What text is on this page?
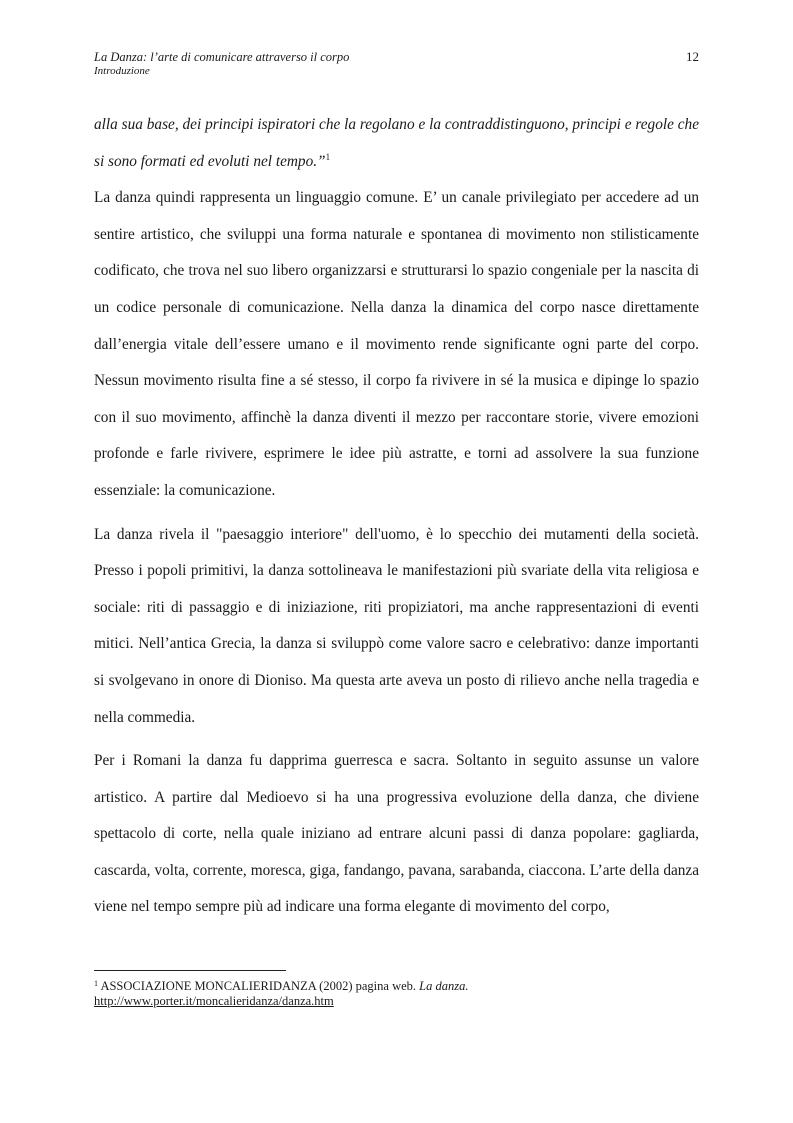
La Danza: l’arte di comunicare attraverso il corpo
Introduzione
12

alla sua base, dei principi ispiratori che la regolano e la contraddistinguono, principi e regole che si sono formati ed evoluti nel tempo.”$^1$

La danza quindi rappresenta un linguaggio comune. E’ un canale privilegiato per accedere ad un sentire artistico, che sviluppi una forma naturale e spontanea di movimento non stilisticamente codificato, che trova nel suo libero organizzarsi e strutturarsi lo spazio congeniale per la nascita di un codice personale di comunicazione. Nella danza la dinamica del corpo nasce direttamente dall’energia vitale dell’essere umano e il movimento rende significante ogni parte del corpo. Nessun movimento risulta fine a sé stesso, il corpo fa rivivere in sé la musica e dipinge lo spazio con il suo movimento, affinchè la danza diventi il mezzo per raccontare storie, vivere emozioni profonde e farle rivivere, esprimere le idee più astratte, e torni ad assolvere la sua funzione essenziale: la comunicazione.

La danza rivela il "paesaggio interiore" dell'uomo, è lo specchio dei mutamenti della società. Presso i popoli primitivi, la danza sottolineava le manifestazioni più svariate della vita religiosa e sociale: riti di passaggio e di iniziazione, riti propiziatori, ma anche rappresentazioni di eventi mitici. Nell’antica Grecia, la danza si sviluppò come valore sacro e celebrativo: danze importanti si svolgevano in onore di Dioniso. Ma questa arte aveva un posto di rilievo anche nella tragedia e nella commedia.

Per i Romani la danza fu dapprima guerresca e sacra. Soltanto in seguito assunse un valore artistico. A partire dal Medioevo si ha una progressiva evoluzione della danza, che diviene spettacolo di corte, nella quale iniziano ad entrare alcuni passi di danza popolare: gagliarda, cascarda, volta, corrente, moresca, giga, fandango, pavana, sarabanda, ciaccona. L’arte della danza viene nel tempo sempre più ad indicare una forma elegante di movimento del corpo,

$^1$ ASSOCIAZIONE MONCALIERIDANZA (2002) pagina web. La danza.
http://www.porter.it/moncalieridanza/danza.htm
